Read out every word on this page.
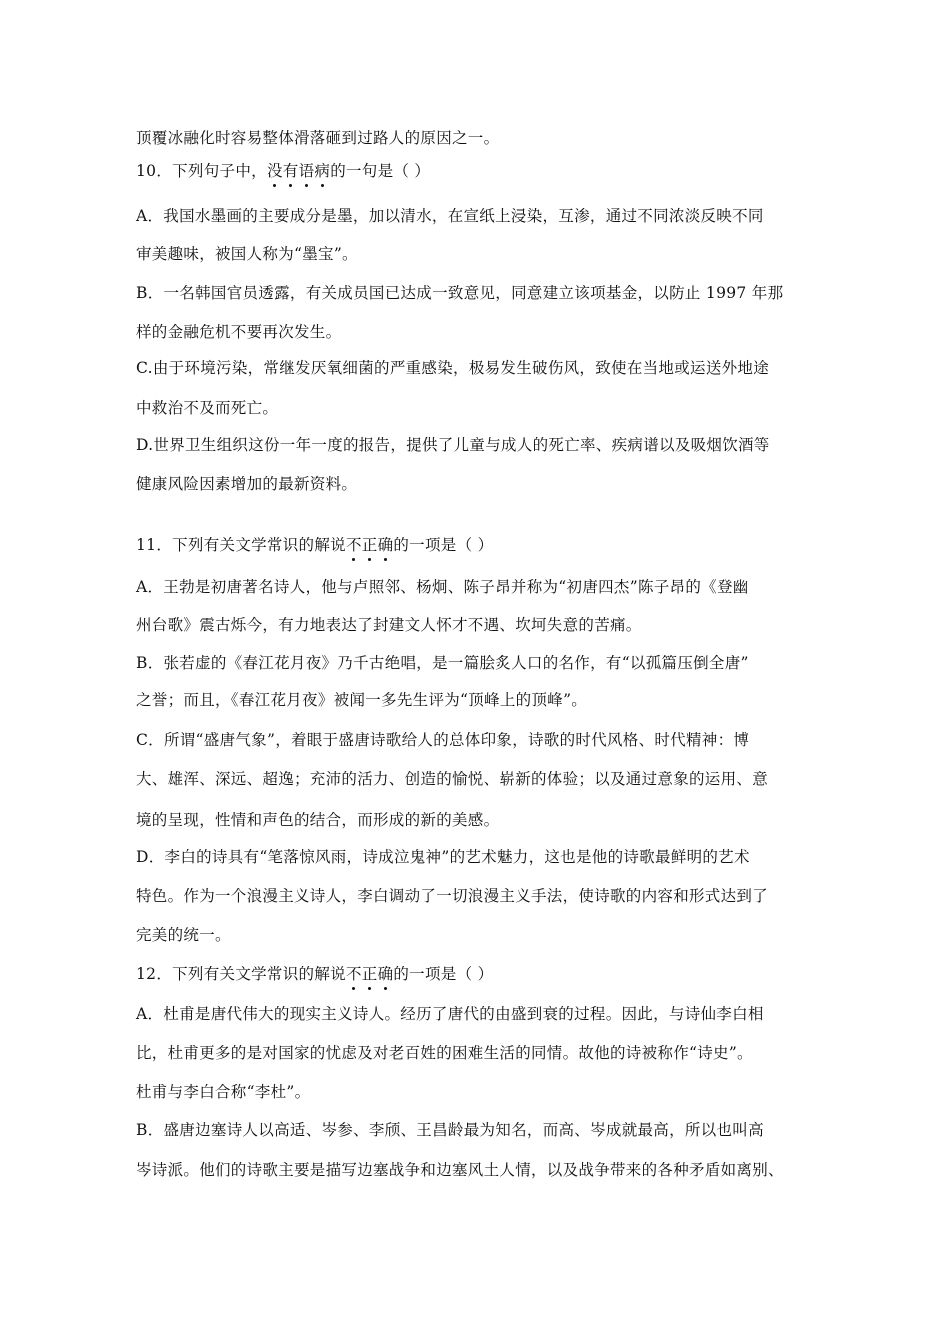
顶覆冰融化时容易整体滑落砸到过路人的原因之一。
10．下列句子中，没有语病的一句是（ ）
A．我国水墨画的主要成分是墨，加以清水，在宣纸上浸染，互渗，通过不同浓淡反映不同
审美趣味，被国人称为“墨宝”。
B．一名韩国官员透露，有关成员国已达成一致意见，同意建立该项基金，以防止 1997 年那
样的金融危机不要再次发生。
C.由于环境污染，常继发厌氧细菌的严重感染，极易发生破伤风，致使在当地或运送外地途
中救治不及而死亡。
D.世界卫生组织这份一年一度的报告，提供了儿童与成人的死亡率、疾病谱以及吸烟饮酒等
健康风险因素增加的最新资料。
11．下列有关文学常识的解说不正确的一项是（ ）
A．王勃是初唐著名诗人，他与卢照邻、杨炯、陈子昂并称为“初唐四杰”陈子昂的《登幽
州台歌》震古烁今，有力地表达了封建文人怀才不遇、坎坷失意的苦痛。
B．张若虚的《春江花月夜》乃千古绝唱，是一篇脍炙人口的名作，有“以孤篇压倒全唐”
之誉；而且，《春江花月夜》被闻一多先生评为“顶峰上的顶峰”。
C．所谓“盛唐气象”，着眼于盛唐诗歌给人的总体印象，诗歌的时代风格、时代精神：博
大、雄浑、深远、超逸；充沛的活力、创造的愉悦、崭新的体验；以及通过意象的运用、意
境的呈现，性情和声色的结合，而形成的新的美感。
D．李白的诗具有“笔落惊风雨，诗成泣鬼神”的艺术魅力，这也是他的诗歌最鲜明的艺术
特色。作为一个浪漫主义诗人，李白调动了一切浪漫主义手法，使诗歌的内容和形式达到了
完美的统一。
12．下列有关文学常识的解说不正确的一项是（ ）
A．杜甫是唐代伟大的现实主义诗人。经历了唐代的由盛到衰的过程。因此，与诗仙李白相
比，杜甫更多的是对国家的忧虑及对老百姓的困难生活的同情。故他的诗被称作“诗史”。
杜甫与李白合称“李杜”。
B．盛唐边塞诗人以高适、岑参、李颀、王昌龄最为知名，而高、岑成就最高，所以也叫高
岑诗派。他们的诗歌主要是描写边塞战争和边塞风土人情，以及战争带来的各种矛盾如离别、
